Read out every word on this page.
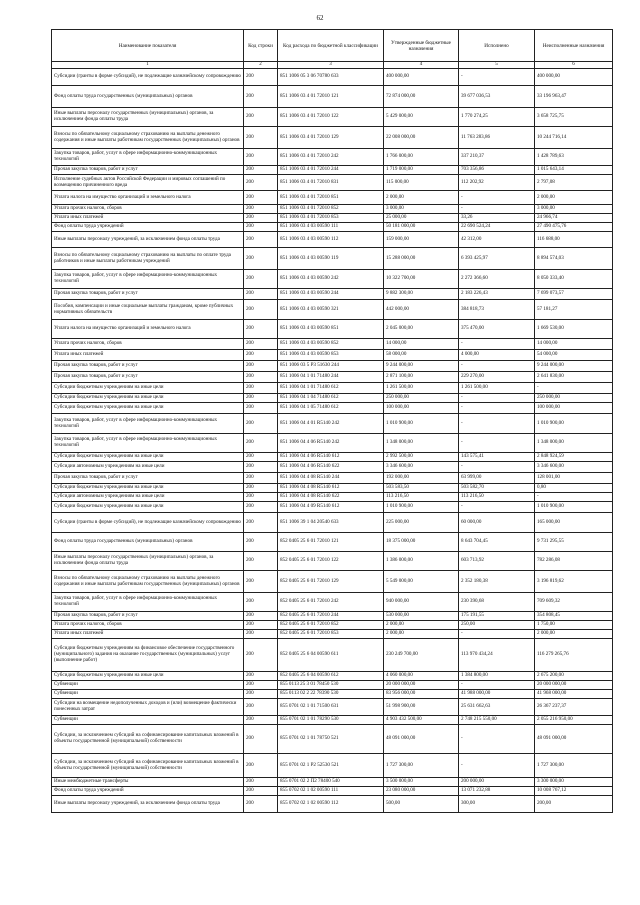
62
Наименование показателя	Код строки	Код расхода по бюджетной классификации	Утвержденные бюджетные назначения	Исполнено	Неисполненные назначения
1	2	3	4	5	6
Субсидии (гранты в форме субсидий), не подлежащие казначейскому сопровождению	200	851 1006 05 3 06 70780 633	400 000,00	-	400 000,00
Фонд оплаты труда государственных (муниципальных) органов	200	851 1006 03 4 01 72010 121	72 874 000,00	39 677 036,53	33 196 963,47
Иные выплаты персоналу государственных (муниципальных) органов, за исключением фонда оплаты труда	200	851 1006 03 4 01 72010 122	5 429 000,00	1 770 274,25	3 658 725,75
Взносы по обязательному социальному страхованию на выплаты денежного содержания и иные выплаты работникам государственных (муниципальных) органов	200	851 1006 03 4 01 72010 129	22 008 000,00	11 763 283,86	10 244 716,14
Закупка товаров, работ, услуг в сфере информационно-коммуникационных технологий	200	851 1006 03 4 01 72010 242	1 766 000,00	337 210,37	1 428 789,63
Прочая закупка товаров, работ и услуг	200	851 1006 03 4 01 72010 244	1 719 000,00	703 356,86	1 015 643,14
Исполнение судебных актов Российской Федерации и мировых соглашений по возмещению причиненного вреда	200	851 1006 03 4 01 72010 831	115 000,00	112 202,92	2 797,08
Уплата налога на имущество организаций и земельного налога	200	851 1006 03 4 01 72010 851	2 000,00	-	2 000,00
Уплата прочих налогов, сборов	200	851 1006 03 4 01 72010 852	3 000,00	-	3 000,00
Уплата иных платежей	200	851 1006 03 4 01 72010 853	25 000,00	33,26	24 966,74
Фонд оплаты труда учреждений	200	851 1006 03 4 03 00590 111	50 181 000,00	22 690 524,24	27 490 475,76
Иные выплаты персоналу учреждений, за исключением фонда оплаты труда	200	851 1006 03 4 03 00590 112	159 000,00	42 312,00	116 688,00
Взносы по обязательному социальному страхованию на выплаты по оплате труда работников и иные выплаты работникам учреждений	200	851 1006 03 4 03 00590 119	15 288 000,00	6 393 425,97	8 894 574,03
Закупка товаров, работ, услуг в сфере информационно-коммуникационных технологий	200	851 1006 03 4 03 00590 242	10 322 700,00	2 272 366,60	8 050 333,40
Прочая закупка товаров, работ и услуг	200	851 1006 03 4 03 00590 244	9 882 300,00	2 183 226,43	7 699 073,57
Пособия, компенсации и иные социальные выплаты гражданам, кроме публичных нормативных обязательств	200	851 1006 03 4 03 00590 321	442 000,00	384 818,73	57 181,27
Уплата налога на имущество организаций и земельного налога	200	851 1006 03 4 03 00590 851	2 045 000,00	375 470,00	1 669 530,00
Уплата прочих налогов, сборов	200	851 1006 03 4 03 00590 852	14 000,00	-	14 000,00
Уплата иных платежей	200	851 1006 03 4 03 00590 853	58 000,00	4 000,00	54 000,00
Прочая закупка товаров, работ и услуг	200	851 1006 03 5 P3 51630 244	9 244 000,00	-	9 244 000,00
Прочая закупка товаров, работ и услуг	200	851 1006 04 1 01 71480 244	2 871 100,00	229 270,00	2 641 830,00
Субсидии бюджетным учреждениям на иные цели	200	851 1006 04 1 01 71480 612	1 261 500,00	1 261 500,00	-
Субсидии бюджетным учреждениям на иные цели	200	851 1006 04 1 04 71480 612	250 000,00	-	250 000,00
Субсидии бюджетным учреждениям на иные цели	200	851 1006 04 1 05 71480 612	100 000,00	-	100 000,00
Закупка товаров, работ, услуг в сфере информационно-коммуникационных технологий	200	851 1006 04 4 01 R5140 242	1 010 900,00	-	1 010 900,00
Закупка товаров, работ, услуг в сфере информационно-коммуникационных технологий	200	851 1006 04 4 06 R5140 242	1 348 000,00	-	1 348 000,00
Субсидии бюджетным учреждениям на иные цели	200	851 1006 04 4 06 R5140 612	2 992 500,00	143 575,41	2 848 924,59
Субсидии автономным учреждениям на иные цели	200	851 1006 04 4 06 R5140 622	3 346 600,00	-	3 346 600,00
Прочая закупка товаров, работ и услуг	200	851 1006 04 4 08 R5140 244	192 000,00	63 999,00	128 001,00
Субсидии бюджетным учреждениям на иные цели	200	851 1006 04 4 08 R5140 612	503 583,50	503 582,70	0,80
Субсидии автономным учреждениям на иные цели	200	851 1006 04 4 08 R5140 622	113 216,50	113 216,50	-
Субсидии бюджетным учреждениям на иные цели	200	851 1006 04 4 09 R5140 612	1 010 900,00	-	1 010 900,00
Субсидии (гранты в форме субсидий), не подлежащие казначейскому сопровождению	200	851 1006 39 1 04 20540 633	225 000,00	60 000,00	165 000,00
Фонд оплаты труда государственных (муниципальных) органов	200	852 0405 25 6 01 72010 121	18 375 000,00	8 643 704,45	9 731 295,55
Иные выплаты персоналу государственных (муниципальных) органов, за исключением фонда оплаты труда	200	852 0405 25 6 01 72010 122	1 386 000,00	603 713,92	782 286,08
Взносы по обязательному социальному страхованию на выплаты денежного содержания и иные выплаты работникам государственных (муниципальных) органов	200	852 0405 25 6 01 72010 129	5 549 000,00	2 352 180,38	3 196 819,62
Закупка товаров, работ, услуг в сфере информационно-коммуникационных технологий	200	852 0405 25 6 01 72010 242	940 000,00	230 390,68	709 609,32
Прочая закупка товаров, работ и услуг	200	852 0405 25 6 01 72010 244	530 000,00	175 191,55	354 808,45
Уплата прочих налогов, сборов	200	852 0405 25 6 01 72010 852	2 000,00	250,00	1 750,00
Уплата иных платежей	200	852 0405 25 6 01 72010 853	2 000,00	-	2 000,00
Субсидии бюджетным учреждениям на финансовое обеспечение государственного (муниципального) задания на оказание государственных (муниципальных) услуг (выполнение работ)	200	852 0405 25 6 04 00590 611	230 249 700,00	113 970 434,24	116 279 265,76
Субсидии бюджетным учреждениям на иные цели	200	852 0405 25 6 04 00590 612	4 060 000,00	1 384 800,00	2 675 200,00
Субвенции	200	855 0113 25 3 01 78450 530	20 000 000,00	-	20 000 000,00
Субвенции	200	855 0113 02 2 22 78390 530	83 956 000,00	41 988 000,00	41 968 000,00
Субсидии на возмещение недополученных доходов и (или) возмещение фактически понесенных затрат	200	855 0701 02 1 01 71500 631	51 998 900,00	25 631 662,63	26 367 237,37
Субвенции	200	855 0701 02 1 01 78290 530	4 903 432 500,00	2 748 215 550,00	2 055 216 950,00
Субсидии, за исключением субсидий на софинансирование капитальных вложений в объекты государственной (муниципальной) собственности	200	855 0701 02 1 01 78750 521	48 091 000,00	-	48 091 000,00
Субсидии, за исключением субсидий на софинансирование капитальных вложений в объекты государственной (муниципальной) собственности	200	855 0701 02 1 P2 52530 521	1 727 300,00	-	1 727 300,00
Иные межбюджетные трансферты	200	855 0701 02 2 П2 78400 540	3 500 000,00	200 000,00	3 300 000,00
Фонд оплаты труда учреждений	200	855 0702 02 1 02 00590 111	23 080 000,00	13 071 232,88	10 008 767,12
Иные выплаты персоналу учреждений, за исключением фонда оплаты труда	200	855 0702 02 1 02 00590 112	500,00	300,00	200,00
